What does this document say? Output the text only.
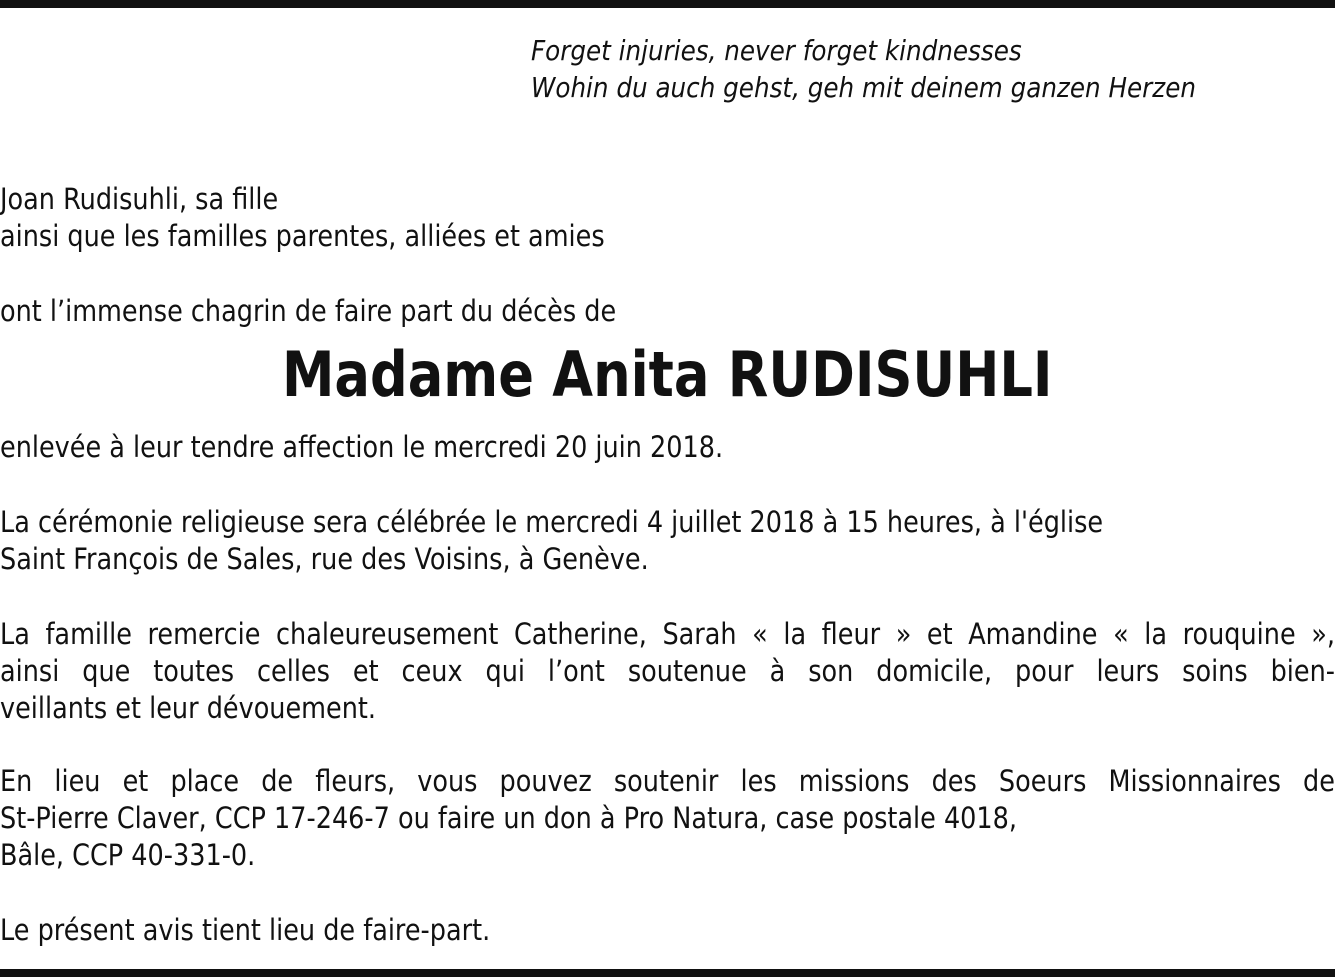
Forget injuries, never forget kindnesses
Wohin du auch gehst, geh mit deinem ganzen Herzen
Joan Rudisuhli, sa fille
ainsi que les familles parentes, alliées et amies
ont l’immense chagrin de faire part du décès de
Madame Anita RUDISUHLI
enlevée à leur tendre affection le mercredi 20 juin 2018.
La cérémonie religieuse sera célébrée le mercredi 4 juillet 2018 à 15 heures, à l'église
Saint François de Sales, rue des Voisins, à Genève.
La famille remercie chaleureusement Catherine, Sarah « la fleur » et Amandine « la rouquine »,
ainsi que toutes celles et ceux qui l’ont soutenue à son domicile, pour leurs soins bien-
veillants et leur dévouement.
En lieu et place de fleurs, vous pouvez soutenir les missions des Soeurs Missionnaires de
St-Pierre Claver, CCP 17-246-7 ou faire un don à Pro Natura, case postale 4018,
Bâle, CCP 40-331-0.
Le présent avis tient lieu de faire-part.
